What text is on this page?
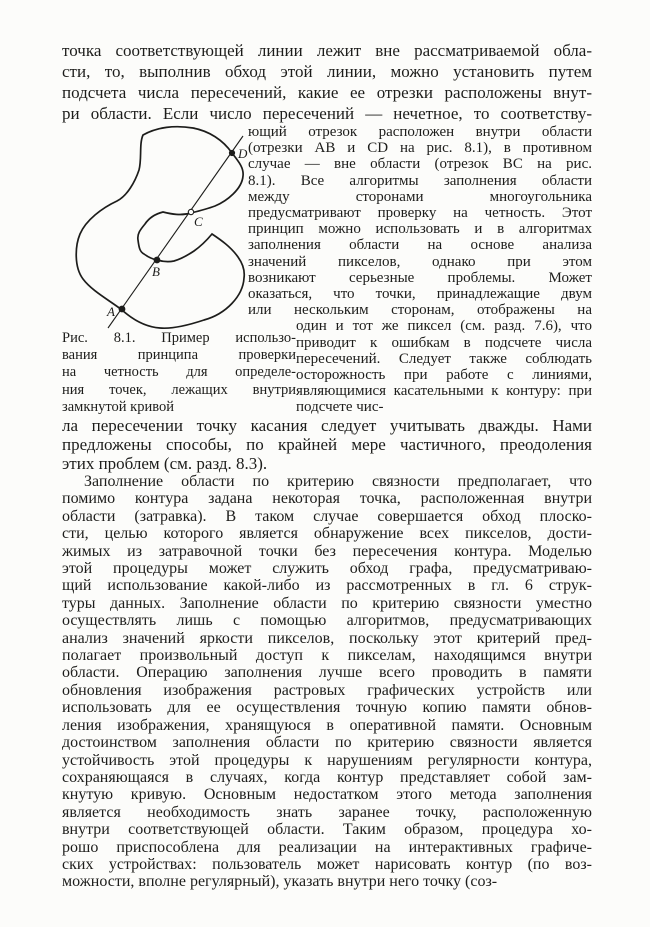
точка соответствующей линии лежит вне рассматриваемой обла-
сти, то, выполнив обход этой линии, можно установить путем
подсчета числа пересечений, какие ее отрезки расположены внут-
ри области. Если число пересечений — нечетное, то соответству-
A
B
C
D
Рис. 8.1. Пример использо-
вания принципа проверки
на четность для определе-
ния точек, лежащих внутри
замкнутой кривой
ющий отрезок расположен внутри области
(отрезки AB и CD на рис. 8.1), в противном
случае — вне области (отрезок BC на рис.
8.1). Все алгоритмы заполнения области
между сторонами многоугольника
предусматривают проверку на четность. Этот
принцип можно использовать и в алгоритмах
заполнения области на основе анализа
значений пикселов, однако при этом
возникают серьезные проблемы. Может
оказаться, что точки, принадлежащие двум
или нескольким сторонам, отображены на
один и тот же пиксел (см. разд. 7.6), что
приводит к ошибкам в подсчете числа
пересечений. Следует также соблюдать
осторожность при работе с линиями,
являющимися касательными к контуру: при
подсчете чис-
ла пересечении точку касания следует учитывать дважды. Нами
предложены способы, по крайней мере частичного, преодоления
этих проблем (см. разд. 8.3).
Заполнение области по критерию связности предполагает, что
помимо контура задана некоторая точка, расположенная внутри
области (затравка). В таком случае совершается обход плоско-
сти, целью которого является обнаружение всех пикселов, дости-
жимых из затравочной точки без пересечения контура. Моделью
этой процедуры может служить обход графа, предусматриваю-
щий использование какой-либо из рассмотренных в гл. 6 струк-
туры данных. Заполнение области по критерию связности уместно
осуществлять лишь с помощью алгоритмов, предусматривающих
анализ значений яркости пикселов, поскольку этот критерий пред-
полагает произвольный доступ к пикселам, находящимся внутри
области. Операцию заполнения лучше всего проводить в памяти
обновления изображения растровых графических устройств или
использовать для ее осуществления точную копию памяти обнов-
ления изображения, хранящуюся в оперативной памяти. Основным
достоинством заполнения области по критерию связности является
устойчивость этой процедуры к нарушениям регулярности контура,
сохраняющаяся в случаях, когда контур представляет собой зам-
кнутую кривую. Основным недостатком этого метода заполнения
является необходимость знать заранее точку, расположенную
внутри соответствующей области. Таким образом, процедура хо-
рошо приспособлена для реализации на интерактивных графиче-
ских устройствах: пользователь может нарисовать контур (по воз-
можности, вполне регулярный), указать внутри него точку (соз-
